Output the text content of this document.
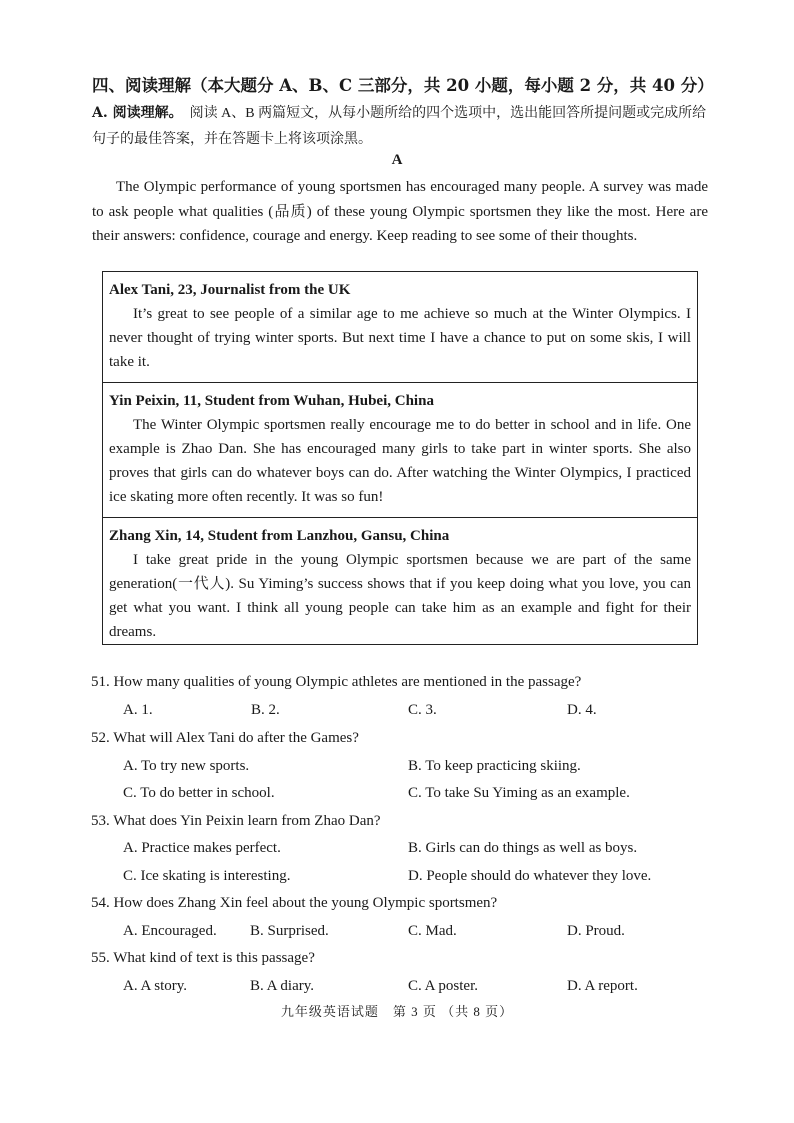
四、阅读理解（本大题分 A、B、C 三部分，共 20 小题，每小题 2 分，共 40 分）
A. 阅读理解。 阅读 A、B 两篇短文，从每小题所给的四个选项中，选出能回答所提问题或完成所给句子的最佳答案，并在答题卡上将该项涂黑。
A
The Olympic performance of young sportsmen has encouraged many people. A survey was made to ask people what qualities (品质) of these young Olympic sportsmen they like the most. Here are their answers: confidence, courage and energy. Keep reading to see some of their thoughts.
Alex Tani, 23, Journalist from the UK
It’s great to see people of a similar age to me achieve so much at the Winter Olympics. I never thought of trying winter sports. But next time I have a chance to put on some skis, I will take it.
Yin Peixin, 11, Student from Wuhan, Hubei, China
The Winter Olympic sportsmen really encourage me to do better in school and in life. One example is Zhao Dan. She has encouraged many girls to take part in winter sports. She also proves that girls can do whatever boys can do. After watching the Winter Olympics, I practiced ice skating more often recently. It was so fun!
Zhang Xin, 14, Student from Lanzhou, Gansu, China
I take great pride in the young Olympic sportsmen because we are part of the same generation(一代人). Su Yiming’s success shows that if you keep doing what you love, you can get what you want. I think all young people can take him as an example and fight for their dreams.
51. How many qualities of young Olympic athletes are mentioned in the passage?
A. 1.	B. 2.	C. 3.	D. 4.
52. What will Alex Tani do after the Games?
A. To try new sports.	B. To keep practicing skiing.
C. To do better in school.	C. To take Su Yiming as an example.
53. What does Yin Peixin learn from Zhao Dan?
A. Practice makes perfect.	B. Girls can do things as well as boys.
C. Ice skating is interesting.	D. People should do whatever they love.
54. How does Zhang Xin feel about the young Olympic sportsmen?
A. Encouraged. B. Surprised.	C. Mad.	D. Proud.
55. What kind of text is this passage?
A. A story.	B. A diary.	C. A poster.	D. A report.
九年级英语试题　第 3 页 （共 8 页）
